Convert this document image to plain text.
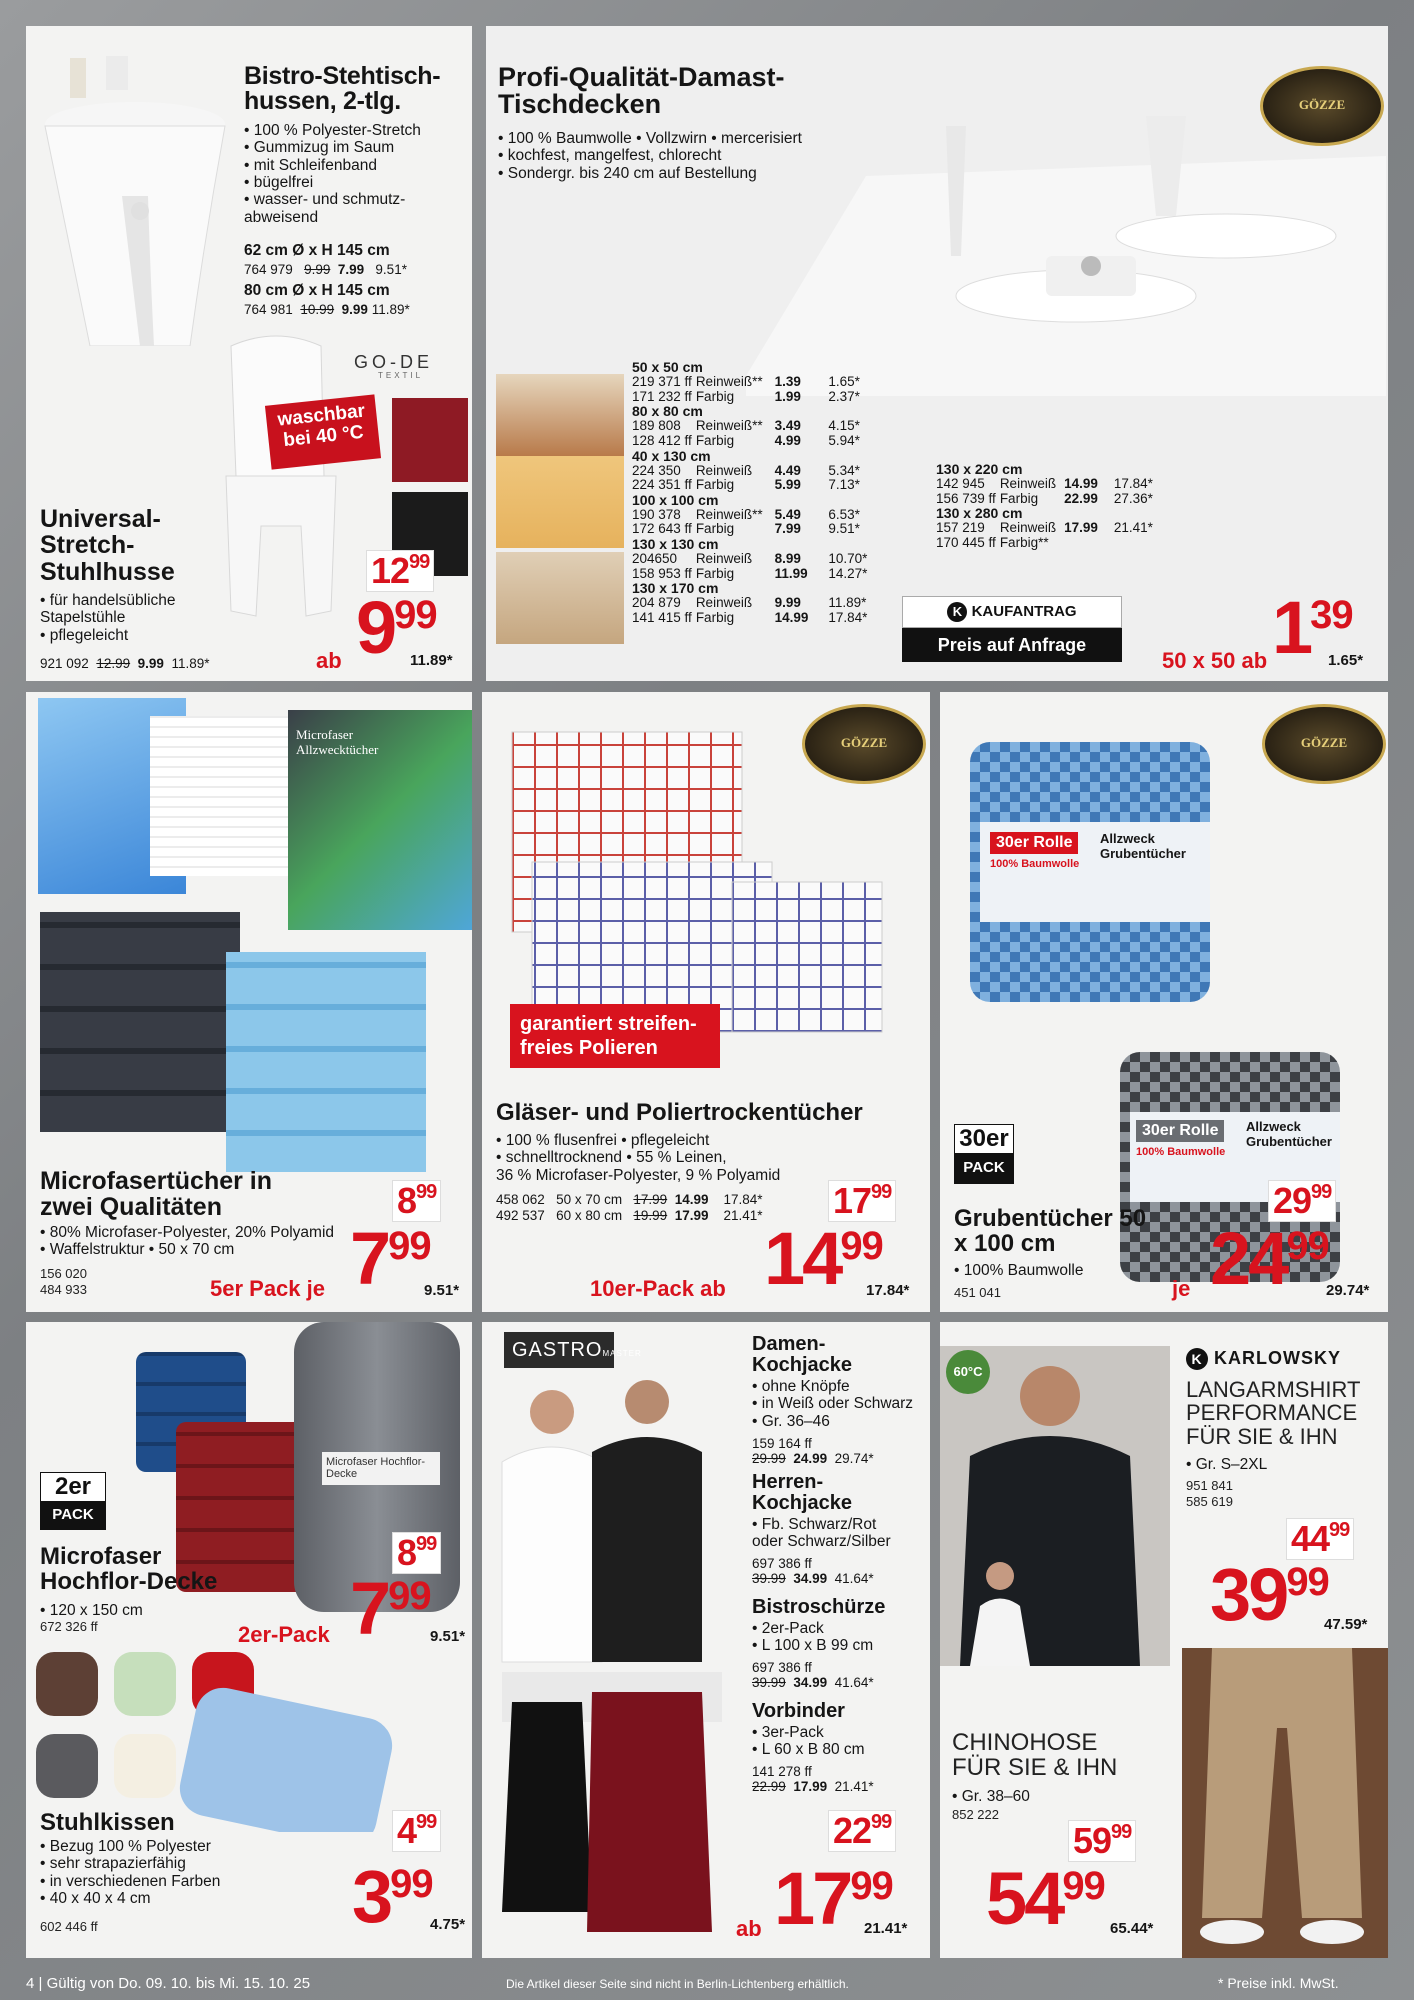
GO-DE
TEXTIL
waschbar bei 40 °C
Bistro-Stehtisch-hussen, 2-tlg.
• 100 % Polyester-Stretch
• Gummizug im Saum
• mit Schleifenband
• bügelfrei
• wasser- und schmutz-
abweisend
62 cm Ø x H 145 cm
764 979 9.99 7.99 9.51*
80 cm Ø x H 145 cm
764 981 10.99 9.99 11.89*
Universal-Stretch-Stuhlhusse
• für handelsübliche
Stapelstühle
• pflegeleicht
921 092 12.99 9.99 11.89*
$12^{99}$
ab 999
11.89*
GÖZZE
Profi-Qualität-Damast-Tischdecken
• 100 % Baumwolle • Vollzwirn • mercerisiert
• kochfest, mangelfest, chlorecht
• Sondergr. bis 240 cm auf Bestellung
50 x 50 cm			
219 371 ff	Reinweiß**	1.39	1.65*
171 232 ff	Farbig	1.99	2.37*
80 x 80 cm			
189 808	Reinweiß**	3.49	4.15*
128 412 ff	Farbig	4.99	5.94*
40 x 130 cm			
224 350	Reinweiß	4.49	5.34*
224 351 ff	Farbig	5.99	7.13*
100 x 100 cm			
190 378	Reinweiß**	5.49	6.53*
172 643 ff	Farbig	7.99	9.51*
130 x 130 cm			
204650	Reinweiß	8.99	10.70*
158 953 ff	Farbig	11.99	14.27*
130 x 170 cm			
204 879	Reinweiß	9.99	11.89*
141 415 ff	Farbig	14.99	17.84*
130 x 220 cm			
142 945	Reinweiß	14.99	17.84*
156 739 ff	Farbig	22.99	27.36*
130 x 280 cm			
157 219	Reinweiß	17.99	21.41*
170 445 ff	Farbig**		
K KAUFANTRAG
Preis auf Anfrage
50 x 50 ab 139
1.65*
Microfaser Allzwecktücher
Microfasertücher in zwei Qualitäten
• 80% Microfaser-Polyester, 20% Polyamid
• Waffelstruktur • 50 x 70 cm
156 020
484 933
$8^{99}$
5er Pack je 799
9.51*
GÖZZE
garantiert streifen-
freies Polieren
Gläser- und Poliertrockentücher
• 100 % flusenfrei • pflegeleicht
• schnelltrocknend • 55 % Leinen,
36 % Microfaser-Polyester, 9 % Polyamid
458 062 50 x 70 cm 17.99 14.99 17.84*
492 537 60 x 80 cm 19.99 17.99 21.41* $17^{99}$
10er-Pack ab 1499
17.84*
GÖZZE
30er Rolle	Allzweck Grubentücher
100% Baumwolle
30er Rolle	Allzweck Grubentücher
100% Baumwolle
30er
PACK
Grubentücher 50 x 100 cm
• 100% Baumwolle
451 041
$29^{99}$
je 2499
29.74*
Microfaser Hochflor-Decke
2er
PACK
Microfaser Hochflor-Decke
• 120 x 150 cm
672 326 ff
$8^{99}$
2er-Pack 799
9.51*
Stuhlkissen
• Bezug 100 % Polyester
• sehr strapazierfähig
• in verschiedenen Farben
• 40 x 40 x 4 cm
602 446 ff
$4^{99}$
399
4.75*
GASTROMASTER	Damen-Kochjacke
• ohne Knöpfe
• in Weiß oder Schwarz
• Gr. 36–46
159 164 ff
29.99 24.99 29.74*
Herren-Kochjacke
• Fb. Schwarz/Rot
oder Schwarz/Silber
697 386 ff
39.99 34.99 41.64*
Bistroschürze
• 2er-Pack
• L 100 x B 99 cm
697 386 ff
39.99 34.99 41.64*
Vorbinder
• 3er-Pack
• L 60 x B 80 cm
141 278 ff
22.99 17.99 21.41*
$22^{99}$
ab 1799
21.41*
60°C
K KARLOWSKY
LANGARMSHIRT
PERFORMANCE
FÜR SIE & IHN
• Gr. S–2XL
951 841
585 619
$44^{99}$
3999
47.59*
CHINOHOSE
FÜR SIE & IHN
• Gr. 38–60
852 222
$59^{99}$
5499
65.44*
4 | Gültig von Do. 09. 10. bis Mi. 15. 10. 25	Die Artikel dieser Seite sind nicht in Berlin-Lichtenberg erhältlich.	* Preise inkl. MwSt.
